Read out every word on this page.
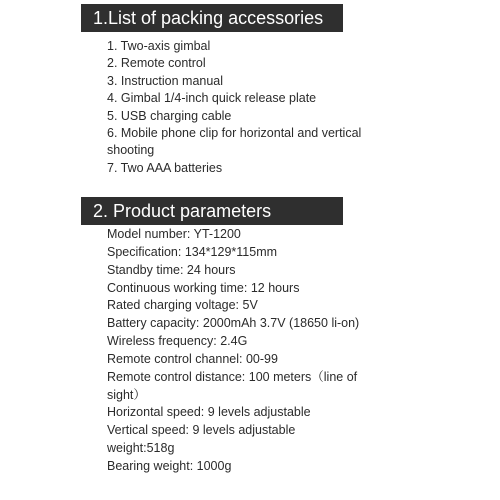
1.List of packing accessories
1. Two-axis gimbal
2. Remote control
3. Instruction manual
4. Gimbal 1/4-inch quick release plate
5. USB charging cable
6. Mobile phone clip for horizontal and vertical shooting
7. Two AAA batteries
2. Product parameters
Model number: YT-1200
Specification: 134*129*115mm
Standby time: 24 hours
Continuous working time: 12 hours
Rated charging voltage: 5V
Battery capacity: 2000mAh 3.7V (18650 li-on)
Wireless frequency: 2.4G
Remote control channel: 00-99
Remote control distance: 100 meters（line of sight）
Horizontal speed: 9 levels adjustable
Vertical speed: 9 levels adjustable
weight:518g
Bearing weight: 1000g
